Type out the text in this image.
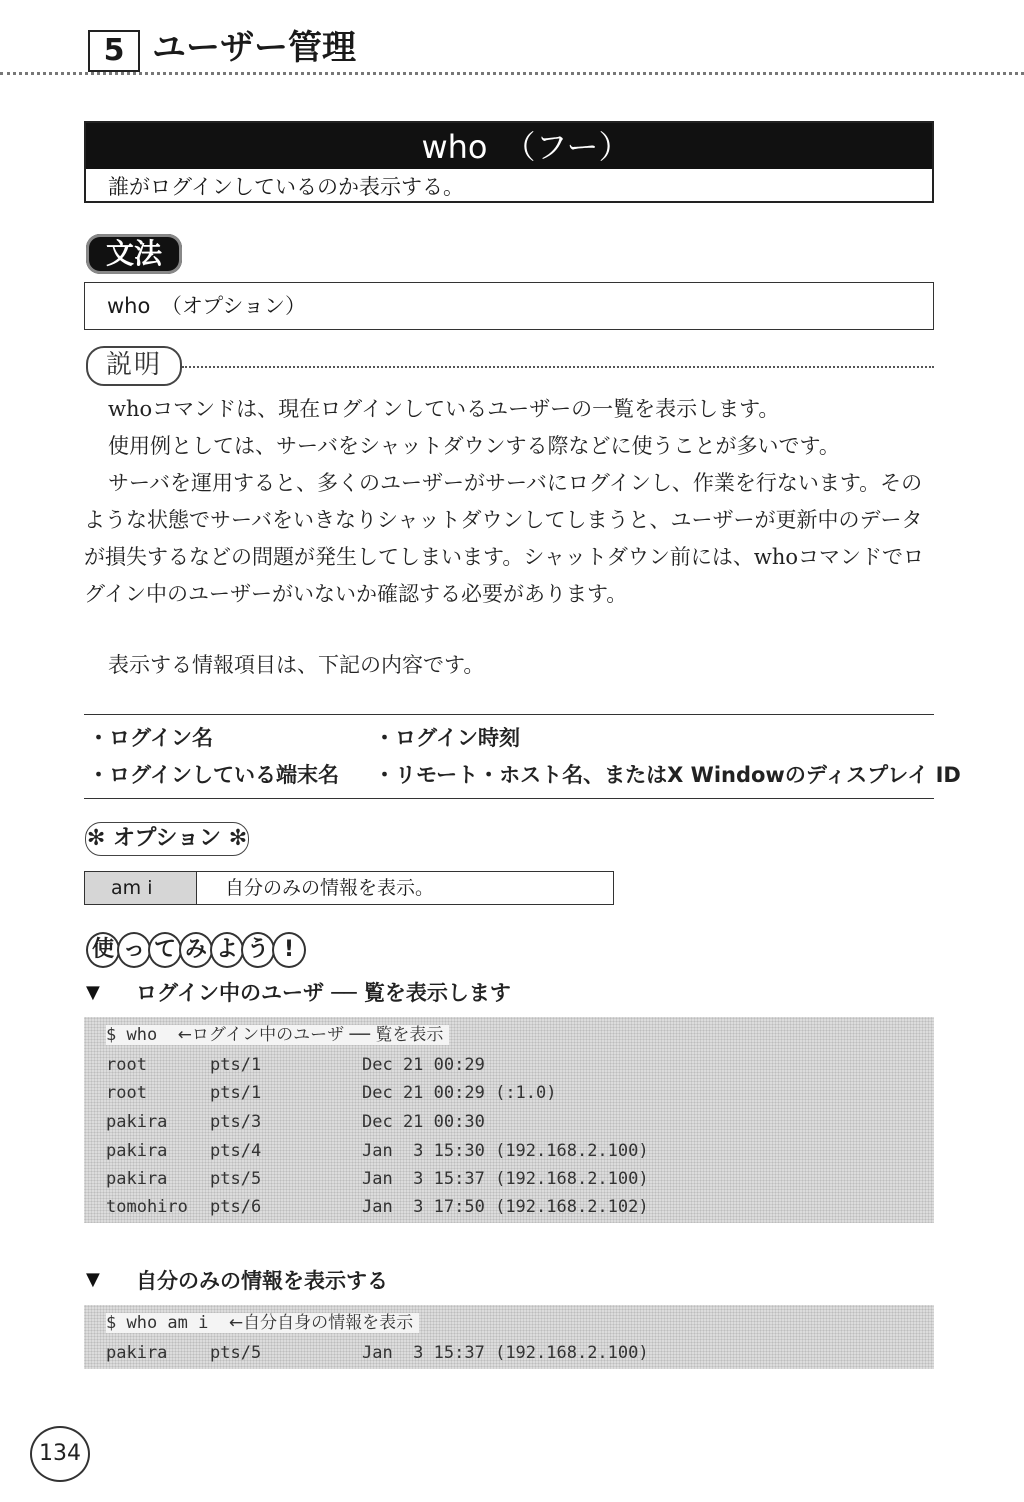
5 ユーザー管理
who　（フー）
誰がログインしているのか表示する。
文法
who　（オプション）
説明
whoコマンドは、現在ログインしているユーザーの一覧を表示します。
使用例としては、サーバをシャットダウンする際などに使うことが多いです。
サーバを運用すると、多くのユーザーがサーバにログインし、作業を行ないます。そのような状態でサーバをいきなりシャットダウンしてしまうと、ユーザーが更新中のデータが損失するなどの問題が発生してしまいます。シャットダウン前には、whoコマンドでログイン中のユーザーがいないか確認する必要があります。
表示する情報項目は、下記の内容です。
・ログイン名	・ログイン時刻
・ログインしている端末名 ・リモート・ホスト名、またはX Windowのディスプレイ ID
✻ オプション ✻
am i	自分のみの情報を表示。
使 っ て み よ う !
▼ ログイン中のユーザ ── 覧を表示します
$ who ←ログイン中のユーザ ── 覧を表示
root	pts/1	Dec 21 00:29
root	pts/1	Dec 21 00:29 (:1.0)
pakira	pts/3	Dec 21 00:30
pakira	pts/4	Jan  3 15:30 (192.168.2.100)
pakira	pts/5	Jan  3 15:37 (192.168.2.100)
tomohiro pts/6	Jan  3 17:50 (192.168.2.102)
▼ 自分のみの情報を表示する
$ who am i ←自分自身の情報を表示
pakira	pts/5	Jan  3 15:37 (192.168.2.100)
134
